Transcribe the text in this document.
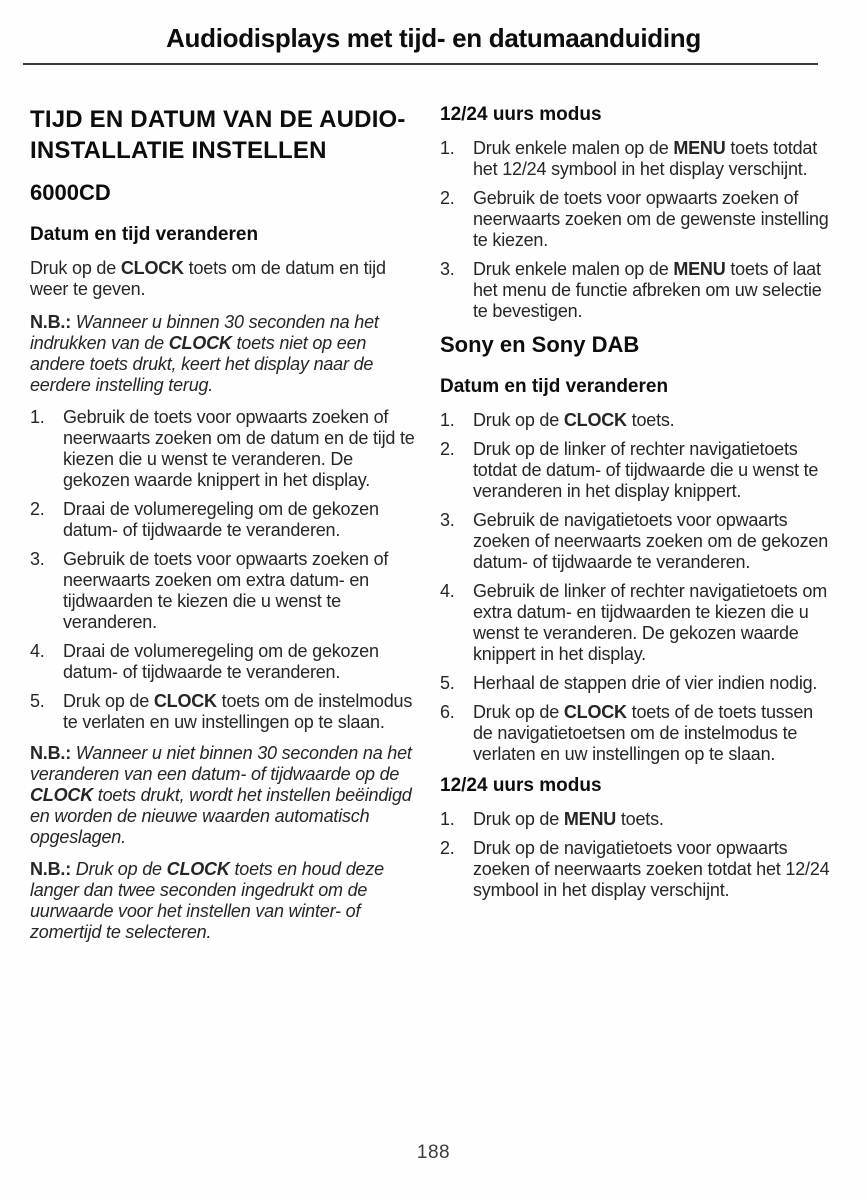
Audiodisplays met tijd- en datumaanduiding
TIJD EN DATUM VAN DE AUDIO-INSTALLATIE INSTELLEN
6000CD
Datum en tijd veranderen
Druk op de CLOCK toets om de datum en tijd weer te geven.
N.B.: Wanneer u binnen 30 seconden na het indrukken van de CLOCK toets niet op een andere toets drukt, keert het display naar de eerdere instelling terug.
1.	Gebruik de toets voor opwaarts zoeken of neerwaarts zoeken om de datum en de tijd te kiezen die u wenst te veranderen. De gekozen waarde knippert in het display.
2.	Draai de volumeregeling om de gekozen datum- of tijdwaarde te veranderen.
3.	Gebruik de toets voor opwaarts zoeken of neerwaarts zoeken om extra datum- en tijdwaarden te kiezen die u wenst te veranderen.
4.	Draai de volumeregeling om de gekozen datum- of tijdwaarde te veranderen.
5.	Druk op de CLOCK toets om de instelmodus te verlaten en uw instellingen op te slaan.
N.B.: Wanneer u niet binnen 30 seconden na het veranderen van een datum- of tijdwaarde op de CLOCK toets drukt, wordt het instellen beëindigd en worden de nieuwe waarden automatisch opgeslagen.
N.B.: Druk op de CLOCK toets en houd deze langer dan twee seconden ingedrukt om de uurwaarde voor het instellen van winter- of zomertijd te selecteren.
12/24 uurs modus
1.	Druk enkele malen op de MENU toets totdat het 12/24 symbool in het display verschijnt.
2.	Gebruik de toets voor opwaarts zoeken of neerwaarts zoeken om de gewenste instelling te kiezen.
3.	Druk enkele malen op de MENU toets of laat het menu de functie afbreken om uw selectie te bevestigen.
Sony en Sony DAB
Datum en tijd veranderen
1.	Druk op de CLOCK toets.
2.	Druk op de linker of rechter navigatietoets totdat de datum- of tijdwaarde die u wenst te veranderen in het display knippert.
3.	Gebruik de navigatietoets voor opwaarts zoeken of neerwaarts zoeken om de gekozen datum- of tijdwaarde te veranderen.
4.	Gebruik de linker of rechter navigatietoets om extra datum- en tijdwaarden te kiezen die u wenst te veranderen. De gekozen waarde knippert in het display.
5.	Herhaal de stappen drie of vier indien nodig.
6.	Druk op de CLOCK toets of de toets tussen de navigatietoetsen om de instelmodus te verlaten en uw instellingen op te slaan.
12/24 uurs modus
1.	Druk op de MENU toets.
2.	Druk op de navigatietoets voor opwaarts zoeken of neerwaarts zoeken totdat het 12/24 symbool in het display verschijnt.
188
